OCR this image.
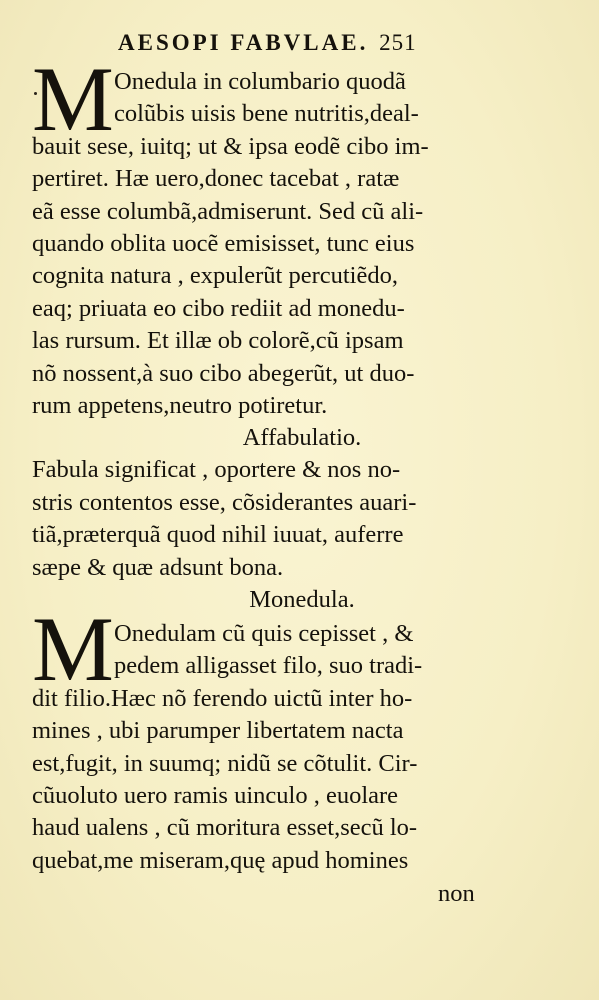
AESOPI FABVLAE. 251
M Onedula in columbario quodã
colũbis uisis bene nutritis,deal-
bauit sese, iuitq; ut & ipsa eodẽ cibo im-
pertiret. Hæ uero,donec tacebat , ratæ
eã esse columbã,admiserunt. Sed cũ ali-
quando oblita uocẽ emisisset, tunc eius
cognita natura , expulerũt percutiẽdo,
eaq; priuata eo cibo rediit ad monedu-
las rursum. Et illæ ob colorẽ,cũ ipsam
nõ nossent,à suo cibo abegerũt, ut duo-
rum appetens,neutro potiretur.
Affabulatio.
Fabula significat , oportere & nos no-
stris contentos esse, cõsiderantes auari-
tiã,præterquã quod nihil iuuat, auferre
sæpe & quæ adsunt bona.
Monedula.
M Onedulam cũ quis cepisset , &
pedem alligasset filo, suo tradi-
dit filio.Hæc nõ ferendo uictũ inter ho-
mines , ubi parumper libertatem nacta
est,fugit, in suumq; nidũ se cõtulit. Cir-
cũuoluto uero ramis uinculo , euolare
haud ualens , cũ moritura esset,secũ lo-
quebat,me miseram,quę apud homines
non
